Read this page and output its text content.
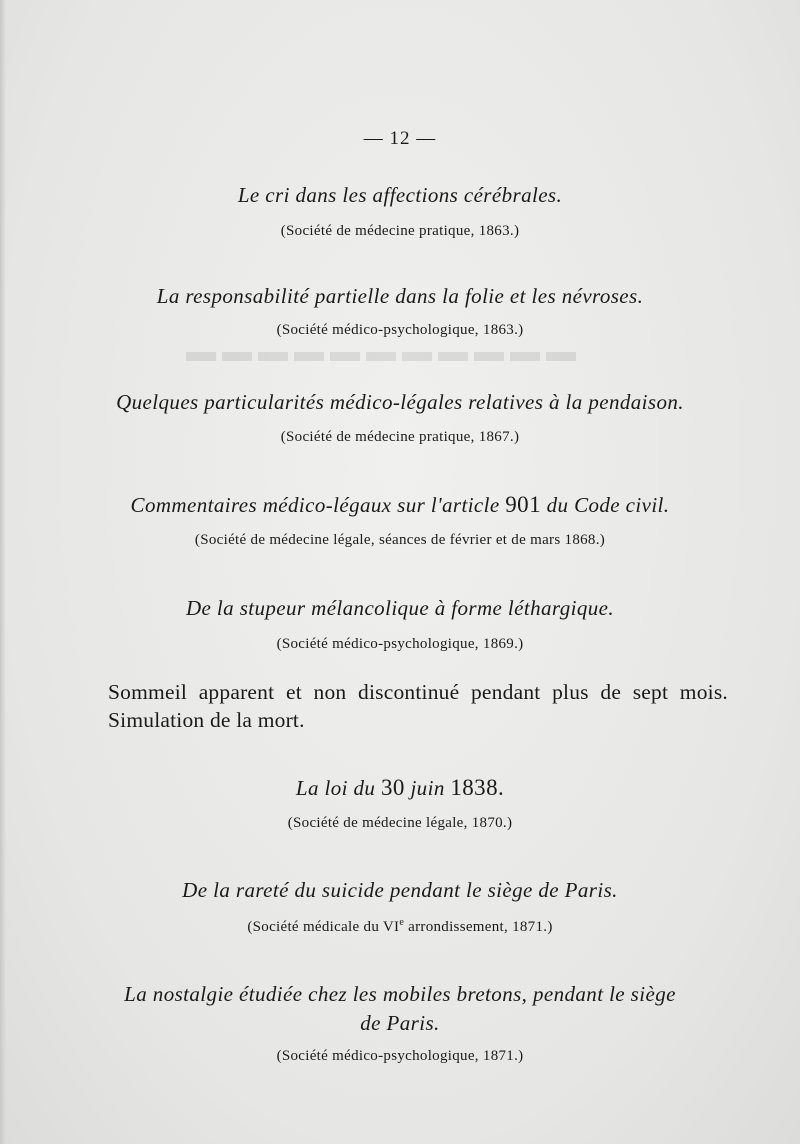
▬▬▬▬▬▬▬▬▬▬▬
— 12 —
Le cri dans les affections cérébrales.
(Société de médecine pratique, 1863.)
La responsabilité partielle dans la folie et les névroses.
(Société médico-psychologique, 1863.)
Quelques particularités médico-légales relatives à la pendaison.
(Société de médecine pratique, 1867.)
Commentaires médico-légaux sur l'article 901 du Code civil.
(Société de médecine légale, séances de février et de mars 1868.)
De la stupeur mélancolique à forme léthargique.
(Société médico-psychologique, 1869.)
Sommeil apparent et non discontinué pendant plus de sept mois.
Simulation de la mort.
La loi du 30 juin 1838.
(Société de médecine légale, 1870.)
De la rareté du suicide pendant le siège de Paris.
(Société médicale du VIe arrondissement, 1871.)
La nostalgie étudiée chez les mobiles bretons, pendant le siège
de Paris.
(Société médico-psychologique, 1871.)
